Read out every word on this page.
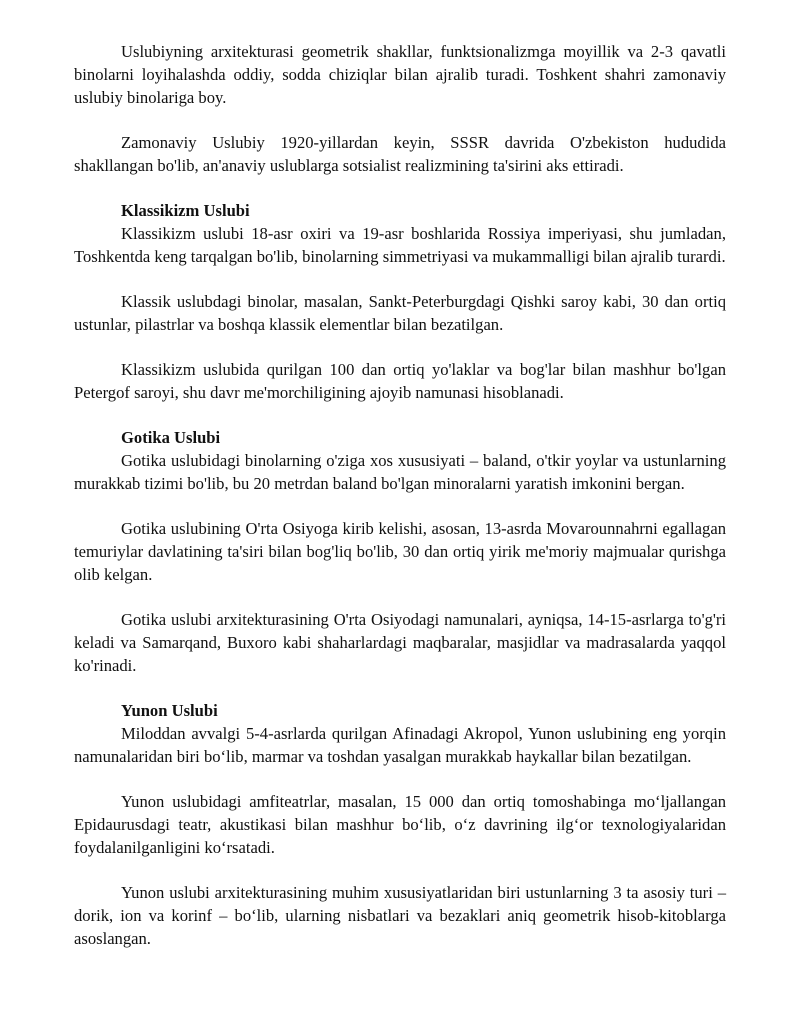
Uslubiyning arxitekturasi geometrik shakllar, funktsionalizmga moyillik va 2-3 qavatli binolarni loyihalashda oddiy, sodda chiziqlar bilan ajralib turadi. Toshkent shahri zamonaviy uslubiy binolariga boy.

Zamonaviy Uslubiy 1920-yillardan keyin, SSSR davrida O'zbekiston hududida shakllangan bo'lib, an'anaviy uslublarga sotsialist realizmining ta'sirini aks ettiradi.

Klassikizm Uslubi

Klassikizm uslubi 18-asr oxiri va 19-asr boshlarida Rossiya imperiyasi, shu jumladan, Toshkentda keng tarqalgan bo'lib, binolarning simmetriyasi va mukammalligi bilan ajralib turardi.

Klassik uslubdagi binolar, masalan, Sankt-Peterburgdagi Qishki saroy kabi, 30 dan ortiq ustunlar, pilastrlar va boshqa klassik elementlar bilan bezatilgan.

Klassikizm uslubida qurilgan 100 dan ortiq yo'laklar va bog'lar bilan mashhur bo'lgan Petergof saroyi, shu davr me'morchiligining ajoyib namunasi hisoblanadi.

Gotika Uslubi

Gotika uslubidagi binolarning o'ziga xos xususiyati – baland, o'tkir yoylar va ustunlarning murakkab tizimi bo'lib, bu 20 metrdan baland bo'lgan minoralarni yaratish imkonini bergan.

Gotika uslubining O'rta Osiyoga kirib kelishi, asosan, 13-asrda Movarounnahrni egallagan temuriylar davlatining ta'siri bilan bog'liq bo'lib, 30 dan ortiq yirik me'moriy majmualar qurishga olib kelgan.

Gotika uslubi arxitekturasining O'rta Osiyodagi namunalari, ayniqsa, 14-15-asrlarga to'g'ri keladi va Samarqand, Buxoro kabi shaharlardagi maqbaralar, masjidlar va madrasalarda yaqqol ko'rinadi.

Yunon Uslubi

Miloddan avvalgi 5-4-asrlarda qurilgan Afinadagi Akropol, Yunon uslubining eng yorqin namunalaridan biri bo‘lib, marmar va toshdan yasalgan murakkab haykallar bilan bezatilgan.

Yunon uslubidagi amfiteatrlar, masalan, 15 000 dan ortiq tomoshabinga mo‘ljallangan Epidaurusdagi teatr, akustikasi bilan mashhur bo‘lib, o‘z davrining ilg‘or texnologiyalaridan foydalanilganligini ko‘rsatadi.

Yunon uslubi arxitekturasining muhim xususiyatlaridan biri ustunlarning 3 ta asosiy turi – dorik, ion va korinf – bo‘lib, ularning nisbatlari va bezaklari aniq geometrik hisob-kitoblarga asoslangan.
